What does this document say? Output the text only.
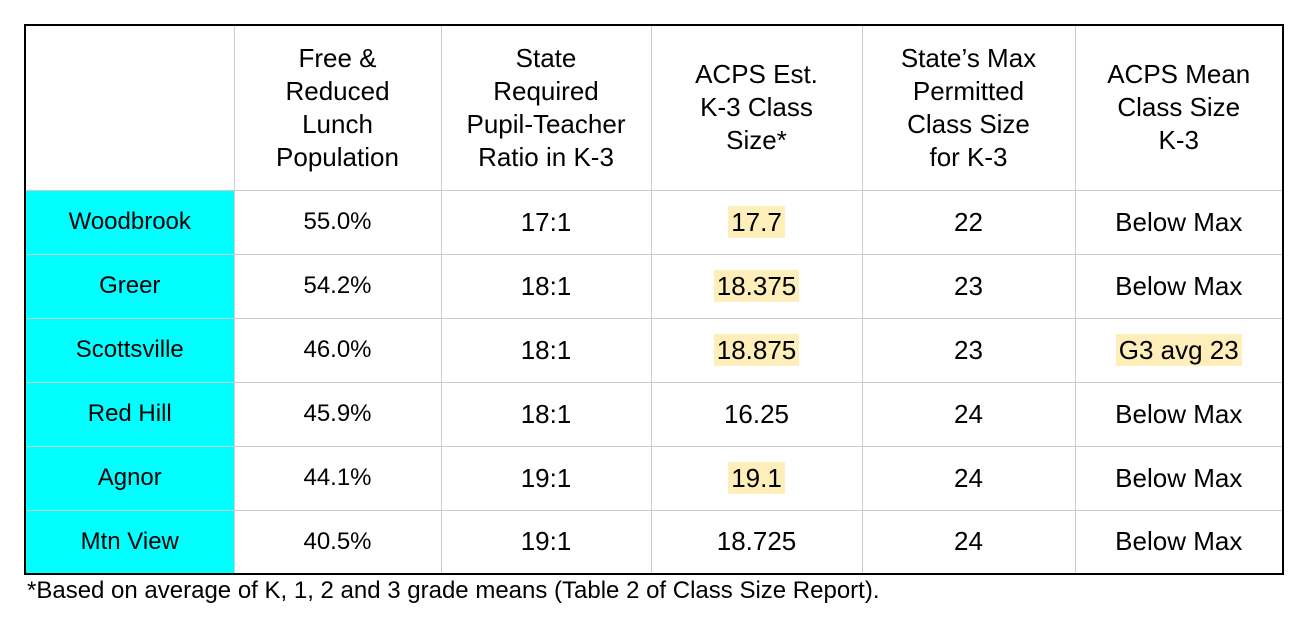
	Free &
Reduced
Lunch
Population	State
Required
Pupil-Teacher
Ratio in K-3	ACPS Est.
K-3 Class
Size*	State’s Max
Permitted
Class Size
for K-3	ACPS Mean
Class Size
K-3

Woodbrook	55.0%	17:1	17.7	22	Below Max
Greer	54.2%	18:1	18.375	23	Below Max
Scottsville	46.0%	18:1	18.875	23	G3 avg 23
Red Hill	45.9%	18:1	16.25	24	Below Max
Agnor	44.1%	19:1	19.1	24	Below Max
Mtn View	40.5%	19:1	18.725	24	Below Max
*Based on average of K, 1, 2 and 3 grade means (Table 2 of Class Size Report).
